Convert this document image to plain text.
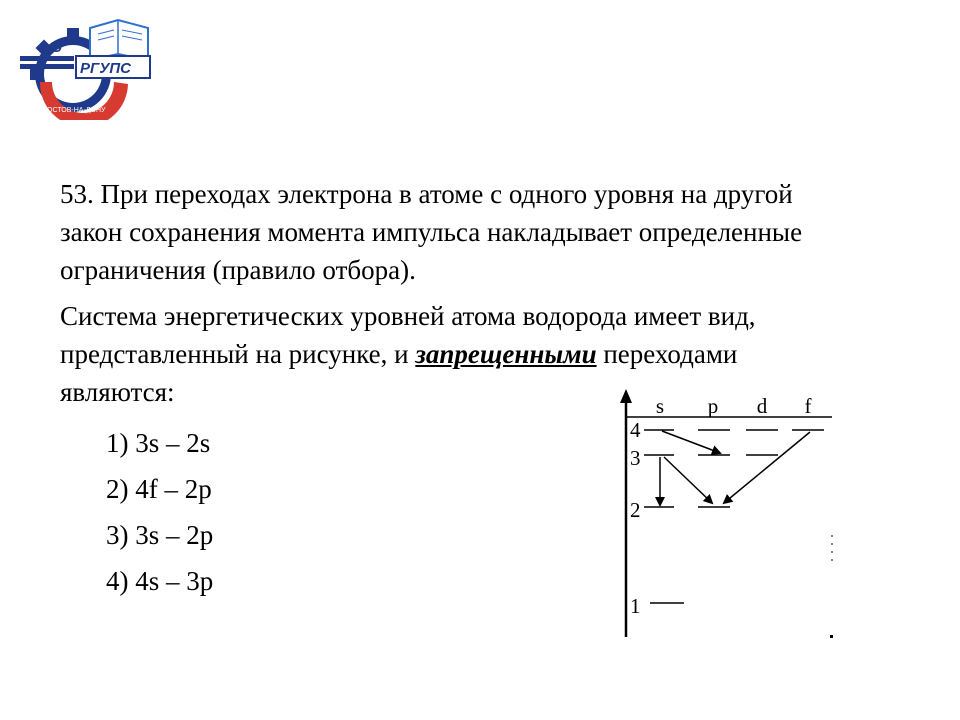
U
РГУПС
РОСТОВ-НА-ДОНУ

53. При переходах электрона в атоме с одного уровня на другой закон сохранения момента импульса накладывает определенные ограничения (правило отбора).

Система энергетических уровней атома водорода имеет вид, представленный на рисунке, и запрещенными переходами являются:

1) 3s – 2s
2) 4f – 2p
3) 3s – 2p
4) 4s – 3p
s p d f
4
3
2
1
